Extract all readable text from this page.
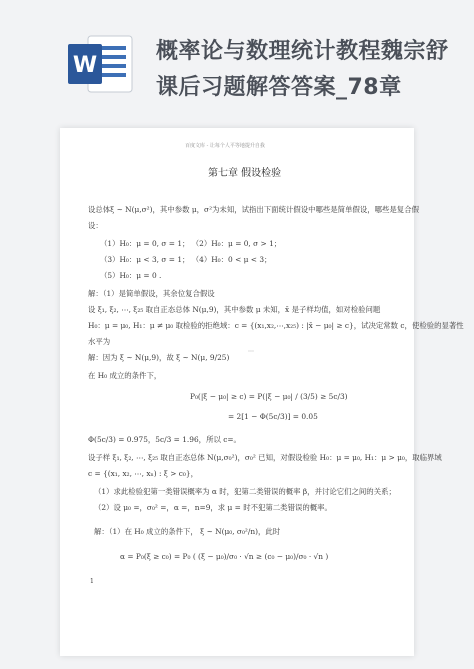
W
概率论与数理统计教程魏宗舒
课后习题解答答案_78章
百度文库 - 让每个人平等地提升自我
第七章 假设检验
设总体ξ ~ N(μ,σ²)，其中参数 μ，σ²为未知，试指出下面统计假设中哪些是简单假设，哪些是复合假
设：
（1）H₀：μ = 0, σ = 1； （2）H₀：μ = 0, σ > 1；
（3）H₀：μ < 3, σ = 1； （4）H₀：0 < μ < 3；
（5）H₀：μ = 0 .
解：（1）是简单假设，其余位复合假设
设 ξ₁, ξ₂, ⋯, ξ₂₅ 取自正态总体 N(μ,9)，其中参数 μ 未知，x̄ 是子样均值，如对检验问题
H₀：μ = μ₀, H₁：μ ≠ μ₀ 取检验的拒绝域：c = {(x₁,x₂,⋯,x₂₅) : |x̄ − μ₀| ≥ c}，试决定常数 c，使检验的显著性
水平为
解：因为 ξ ~ N(μ,9)，故 ξ̄ ~ N(μ, 9/25)
⋯
在 H₀ 成立的条件下，
P₀(|ξ̄ − μ₀| ≥ c) = P(|ξ̄ − μ₀| / (3/5) ≥ 5c/3)
= 2[1 − Φ(5c/3)] = 0.05
Φ(5c/3) = 0.975，5c/3 = 1.96，所以 c=。
设子样 ξ₁, ξ₂, ⋯, ξ₂₅ 取自正态总体 N(μ,σ₀²)，σ₀² 已知，对假设检验 H₀：μ = μ₀, H₁：μ > μ₀，取临界域
c = {(x₁, x₂, ⋯, xₙ) : ξ̄ > c₀}，
（1）求此检验犯第一类错误概率为 α 时，犯第二类错误的概率 β，并讨论它们之间的关系；
（2）设 μ₀ =，σ₀² =，α =，n=9，求 μ = 时不犯第二类错误的概率。
解：（1）在 H₀ 成立的条件下， ξ̄ ~ N(μ₀, σ₀²/n)，此时
α = P₀(ξ̄ ≥ c₀) = P₀ ( (ξ̄ − μ₀)/σ₀ · √n ≥ (c₀ − μ₀)/σ₀ · √n )
1
